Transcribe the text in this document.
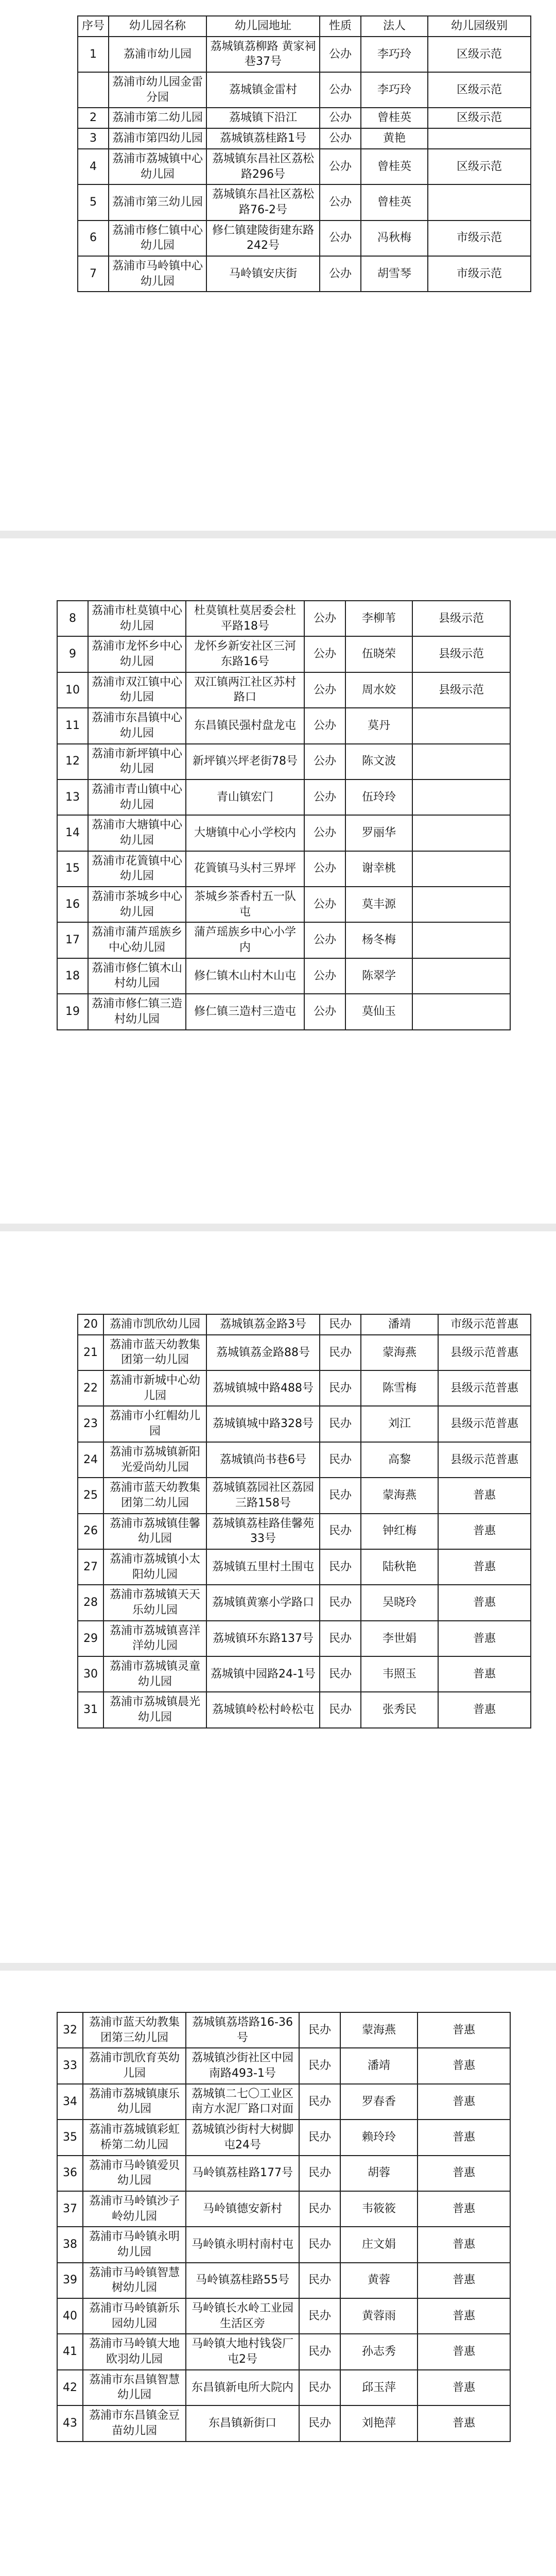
序号	幼儿园名称	幼儿园地址	性质	法人	幼儿园级别
1	荔浦市幼儿园	荔城镇荔柳路 黄家祠巷37号	公办	李巧玲	区级示范
	荔浦市幼儿园金雷分园	荔城镇金雷村	公办	李巧玲	区级示范
2	荔浦市第二幼儿园	荔城镇下沿江	公办	曾桂英	区级示范
3	荔浦市第四幼儿园	荔城镇荔桂路1号	公办	黄艳	
4	荔浦市荔城镇中心幼儿园	荔城镇东昌社区荔松路296号	公办	曾桂英	区级示范
5	荔浦市第三幼儿园	荔城镇东昌社区荔松路76-2号	公办	曾桂英	
6	荔浦市修仁镇中心幼儿园	修仁镇建陵街建东路242号	公办	冯秋梅	市级示范
7	荔浦市马岭镇中心幼儿园	马岭镇安庆街	公办	胡雪琴	市级示范
8	荔浦市杜莫镇中心幼儿园	杜莫镇杜莫居委会杜平路18号	公办	李柳苇	县级示范
9	荔浦市龙怀乡中心幼儿园	龙怀乡新安社区三河东路16号	公办	伍晓荣	县级示范
10	荔浦市双江镇中心幼儿园	双江镇两江社区苏村路口	公办	周水姣	县级示范
11	荔浦市东昌镇中心幼儿园	东昌镇民强村盘龙屯	公办	莫丹	
12	荔浦市新坪镇中心幼儿园	新坪镇兴坪老街78号	公办	陈文波	
13	荔浦市青山镇中心幼儿园	青山镇宏门	公办	伍玲玲	
14	荔浦市大塘镇中心幼儿园	大塘镇中心小学校内	公办	罗丽华	
15	荔浦市花篢镇中心幼儿园	花篢镇马头村三界坪	公办	谢幸桃	
16	荔浦市茶城乡中心幼儿园	茶城乡茶香村五一队屯	公办	莫丰源	
17	荔浦市蒲芦瑶族乡中心幼儿园	蒲芦瑶族乡中心小学内	公办	杨冬梅	
18	荔浦市修仁镇木山村幼儿园	修仁镇木山村木山屯	公办	陈翠学	
19	荔浦市修仁镇三造村幼儿园	修仁镇三造村三造屯	公办	莫仙玉	
20	荔浦市凯欣幼儿园	荔城镇荔金路3号	民办	潘靖	市级示范普惠
21	荔浦市蓝天幼教集团第一幼儿园	荔城镇荔金路88号	民办	蒙海燕	县级示范普惠
22	荔浦市新城中心幼儿园	荔城镇城中路488号	民办	陈雪梅	县级示范普惠
23	荔浦市小红帽幼儿园	荔城镇城中路328号	民办	刘江	县级示范普惠
24	荔浦市荔城镇新阳光爱尚幼儿园	荔城镇尚书巷6号	民办	高黎	县级示范普惠
25	荔浦市蓝天幼教集团第二幼儿园	荔城镇荔园社区荔园三路158号	民办	蒙海燕	普惠
26	荔浦市荔城镇佳馨幼儿园	荔城镇荔桂路佳馨苑33号	民办	钟红梅	普惠
27	荔浦市荔城镇小太阳幼儿园	荔城镇五里村土围屯	民办	陆秋艳	普惠
28	荔浦市荔城镇天天乐幼儿园	荔城镇黄寨小学路口	民办	吴晓玲	普惠
29	荔浦市荔城镇喜洋洋幼儿园	荔城镇环东路137号	民办	李世娟	普惠
30	荔浦市荔城镇灵童幼儿园	荔城镇中园路24-1号	民办	韦照玉	普惠
31	荔浦市荔城镇晨光幼儿园	荔城镇岭松村岭松屯	民办	张秀民	普惠
32	荔浦市蓝天幼教集团第三幼儿园	荔城镇荔塔路16-36号	民办	蒙海燕	普惠
33	荔浦市凯欣育英幼儿园	荔城镇沙街社区中园南路493-1号	民办	潘靖	普惠
34	荔浦市荔城镇康乐幼儿园	荔城镇二七〇工业区南方水泥厂路口对面	民办	罗春香	普惠
35	荔浦市荔城镇彩虹桥第二幼儿园	荔城镇沙街村大树脚屯24号	民办	赖玲玲	普惠
36	荔浦市马岭镇爱贝幼儿园	马岭镇荔桂路177号	民办	胡蓉	普惠
37	荔浦市马岭镇沙子岭幼儿园	马岭镇德安新村	民办	韦筱筱	普惠
38	荔浦市马岭镇永明幼儿园	马岭镇永明村南村屯	民办	庄文娟	普惠
39	荔浦市马岭镇智慧树幼儿园	马岭镇荔桂路55号	民办	黄蓉	普惠
40	荔浦市马岭镇新乐园幼儿园	马岭镇长水岭工业园生活区旁	民办	黄蓉雨	普惠
41	荔浦市马岭镇大地欧羽幼儿园	马岭镇大地村钱袋厂屯2号	民办	孙志秀	普惠
42	荔浦市东昌镇智慧幼儿园	东昌镇新电所大院内	民办	邱玉萍	普惠
43	荔浦市东昌镇金豆苗幼儿园	东昌镇新街口	民办	刘艳萍	普惠
